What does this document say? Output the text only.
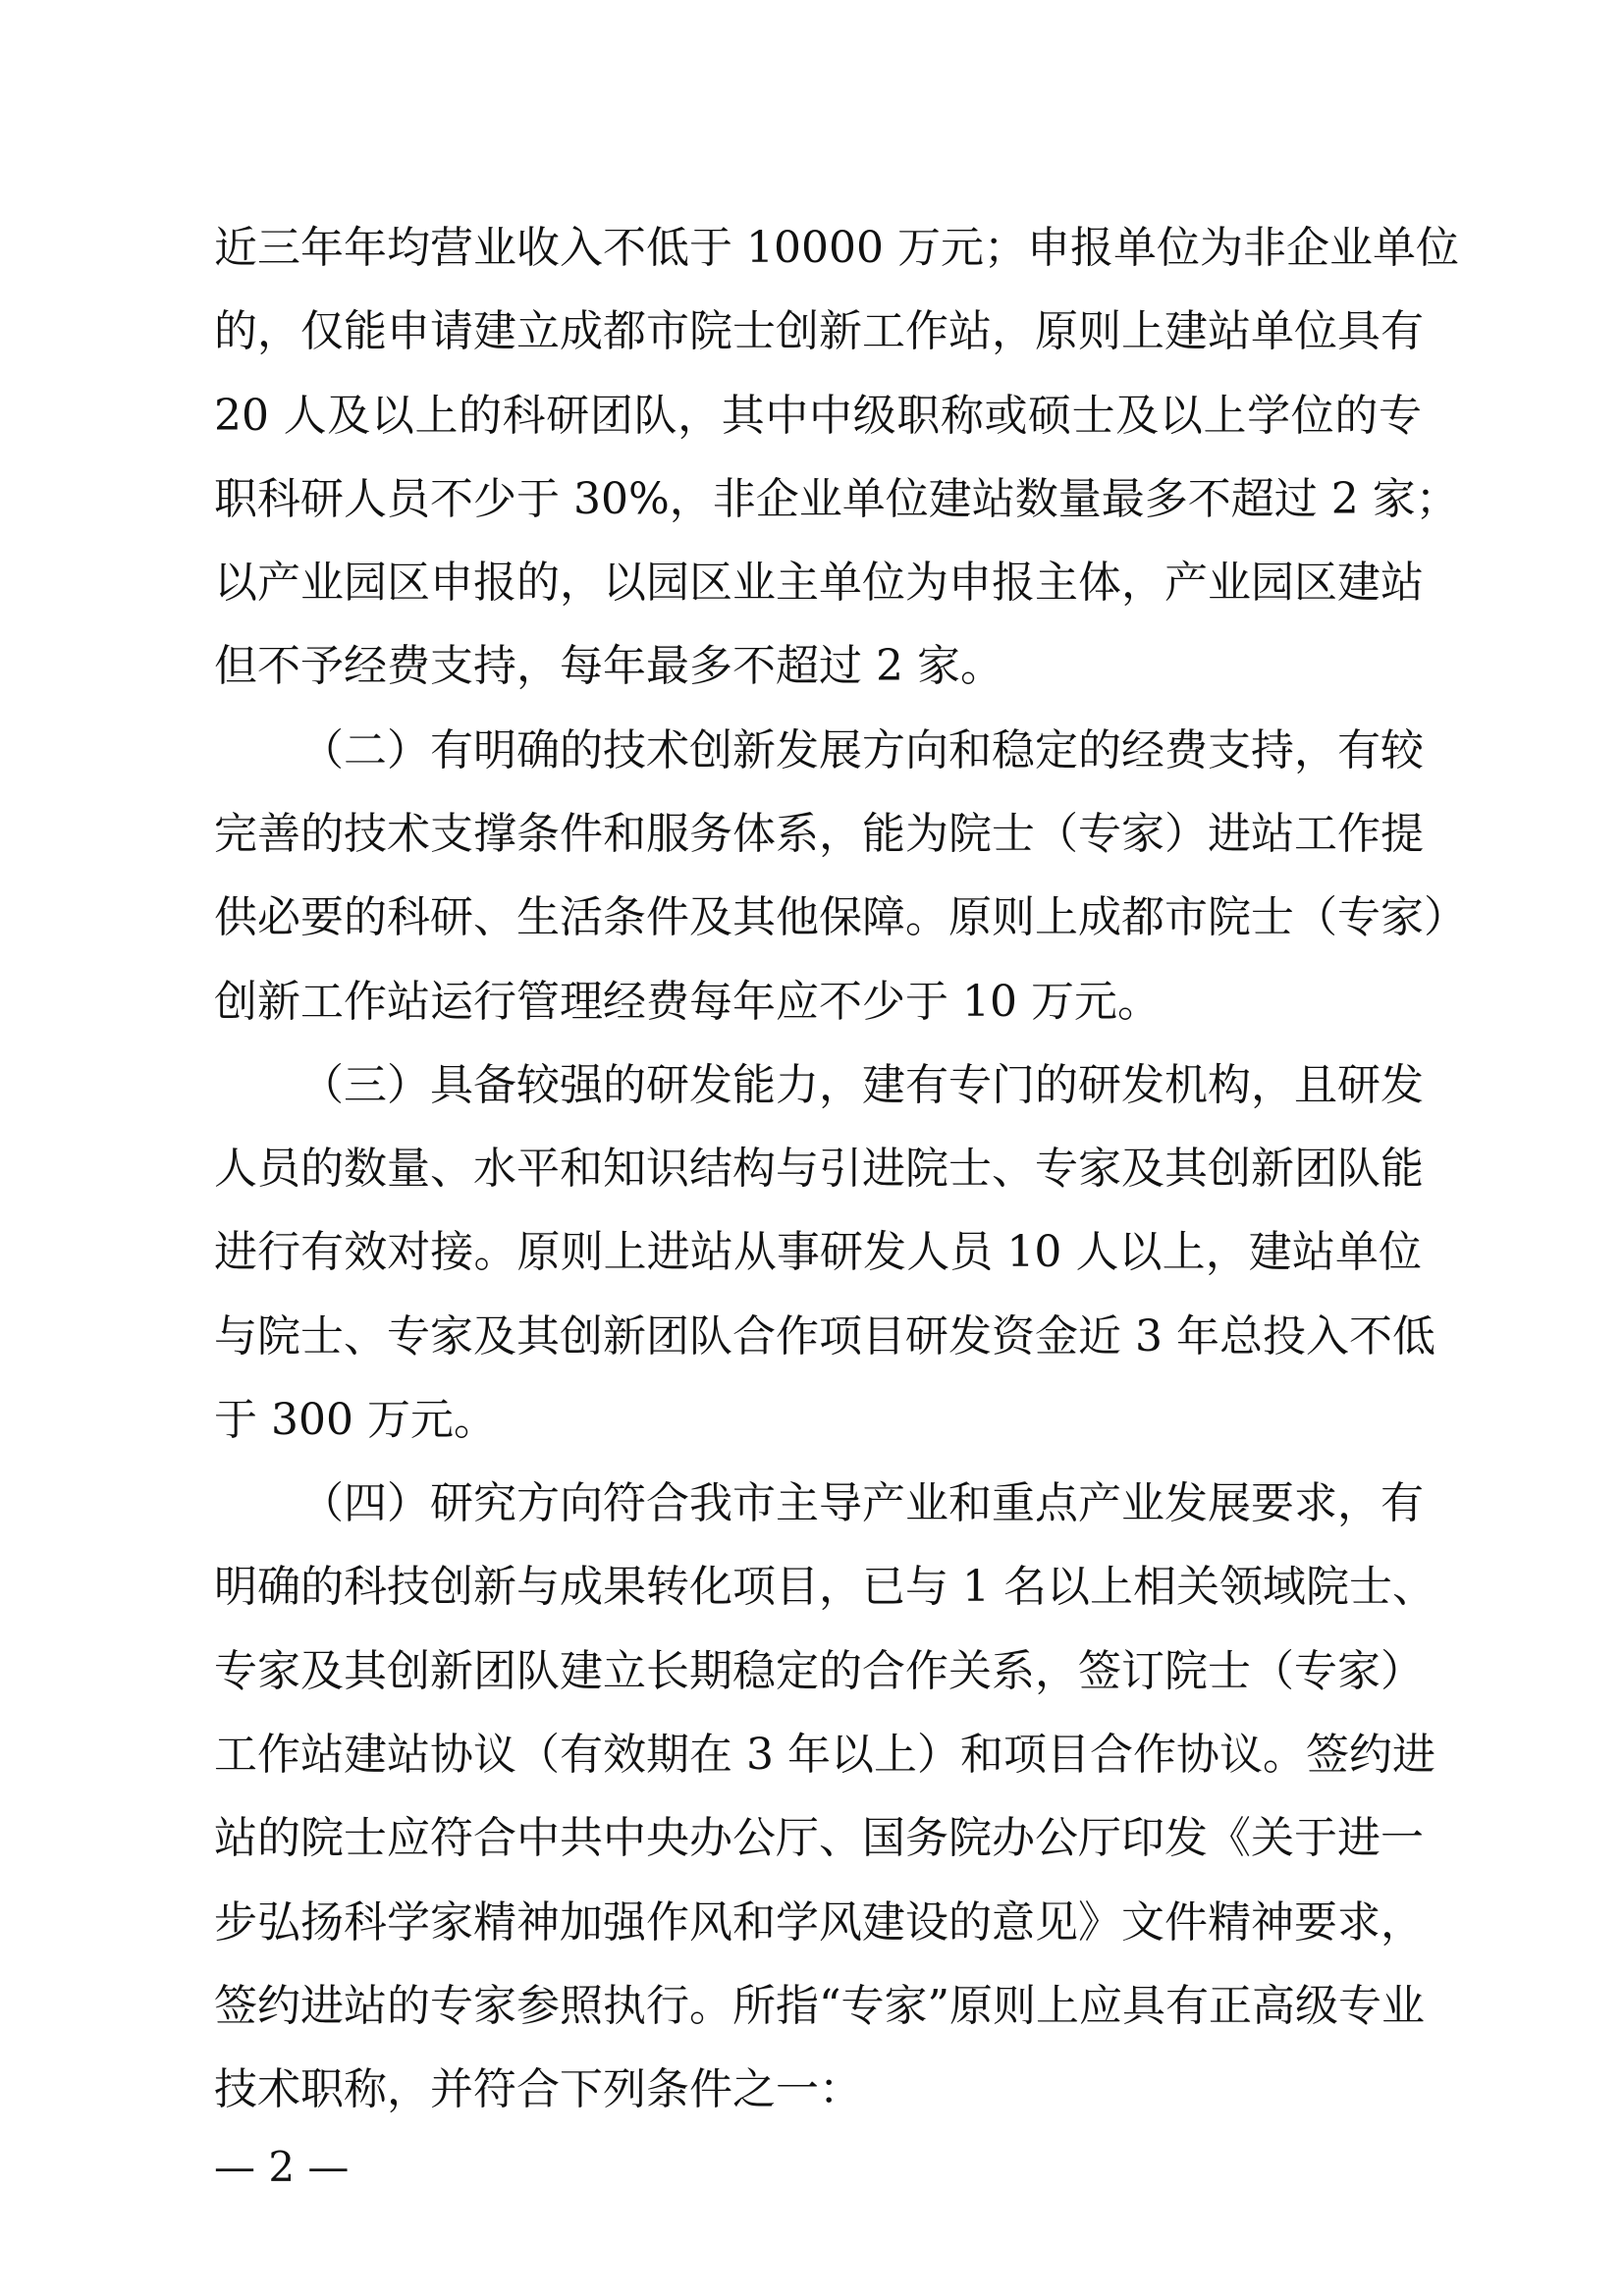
近三年年均营业收入不低于 10000 万元；申报单位为非企业单位
的，仅能申请建立成都市院士创新工作站，原则上建站单位具有
20 人及以上的科研团队，其中中级职称或硕士及以上学位的专
职科研人员不少于 30%，非企业单位建站数量最多不超过 2 家；
以产业园区申报的，以园区业主单位为申报主体，产业园区建站
但不予经费支持，每年最多不超过 2 家。
（二）有明确的技术创新发展方向和稳定的经费支持，有较
完善的技术支撑条件和服务体系，能为院士（专家）进站工作提
供必要的科研、生活条件及其他保障。原则上成都市院士（专家）
创新工作站运行管理经费每年应不少于 10 万元。
（三）具备较强的研发能力，建有专门的研发机构，且研发
人员的数量、水平和知识结构与引进院士、专家及其创新团队能
进行有效对接。原则上进站从事研发人员 10 人以上，建站单位
与院士、专家及其创新团队合作项目研发资金近 3 年总投入不低
于 300 万元。
（四）研究方向符合我市主导产业和重点产业发展要求，有
明确的科技创新与成果转化项目，已与 1 名以上相关领域院士、
专家及其创新团队建立长期稳定的合作关系，签订院士（专家）
工作站建站协议（有效期在 3 年以上）和项目合作协议。签约进
站的院士应符合中共中央办公厅、国务院办公厅印发《关于进一
步弘扬科学家精神加强作风和学风建设的意见》文件精神要求，
签约进站的专家参照执行。所指“专家”原则上应具有正高级专业
技术职称，并符合下列条件之一：
— 2 —
